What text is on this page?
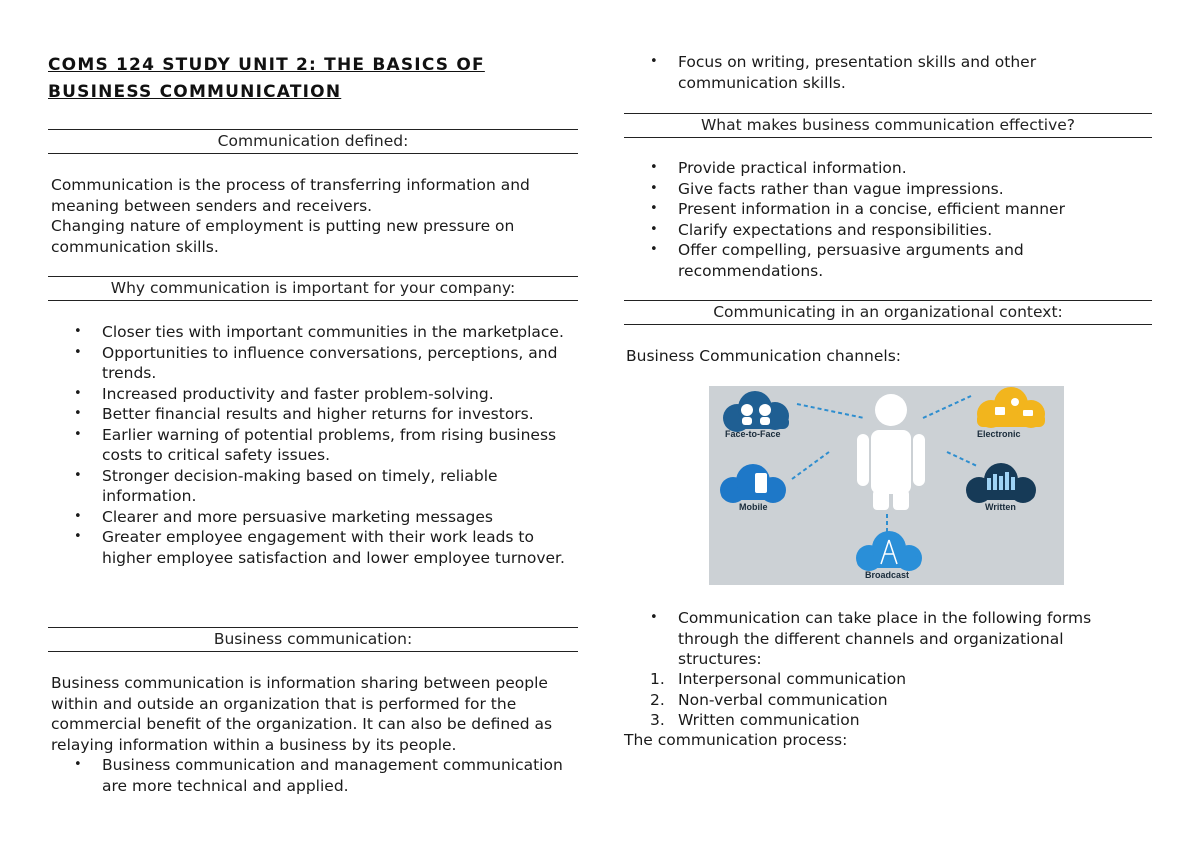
COMS 124 STUDY UNIT 2: THE BASICS OF BUSINESS COMMUNICATION
Communication defined:

Communication is the process of transferring information and meaning between senders and receivers.
Changing nature of employment is putting new pressure on communication skills.

Why communication is important for your company:
• Closer ties with important communities in the marketplace.
• Opportunities to influence conversations, perceptions, and trends.
• Increased productivity and faster problem-solving.
• Better financial results and higher returns for investors.
• Earlier warning of potential problems, from rising business costs to critical safety issues.
• Stronger decision-making based on timely, reliable information.
• Clearer and more persuasive marketing messages
• Greater employee engagement with their work leads to higher employee satisfaction and lower employee turnover.
Business communication:

Business communication is information sharing between people within and outside an organization that is performed for the commercial benefit of the organization. It can also be defined as relaying information within a business by its people.

• Business communication and management communication are more technical and applied.
• Focus on writing, presentation skills and other communication skills.
What makes business communication effective?
• Provide practical information.
• Give facts rather than vague impressions.
• Present information in a concise, efficient manner
• Clarify expectations and responsibilities.
• Offer compelling, persuasive arguments and recommendations.
Communicating in an organizational context:

Business Communication channels:

Face-to-Face	Electronic
Mobile	Written
Broadcast
• Communication can take place in the following forms through the different channels and organizational structures:
1. Interpersonal communication
2. Non-verbal communication
3. Written communication

The communication process:
